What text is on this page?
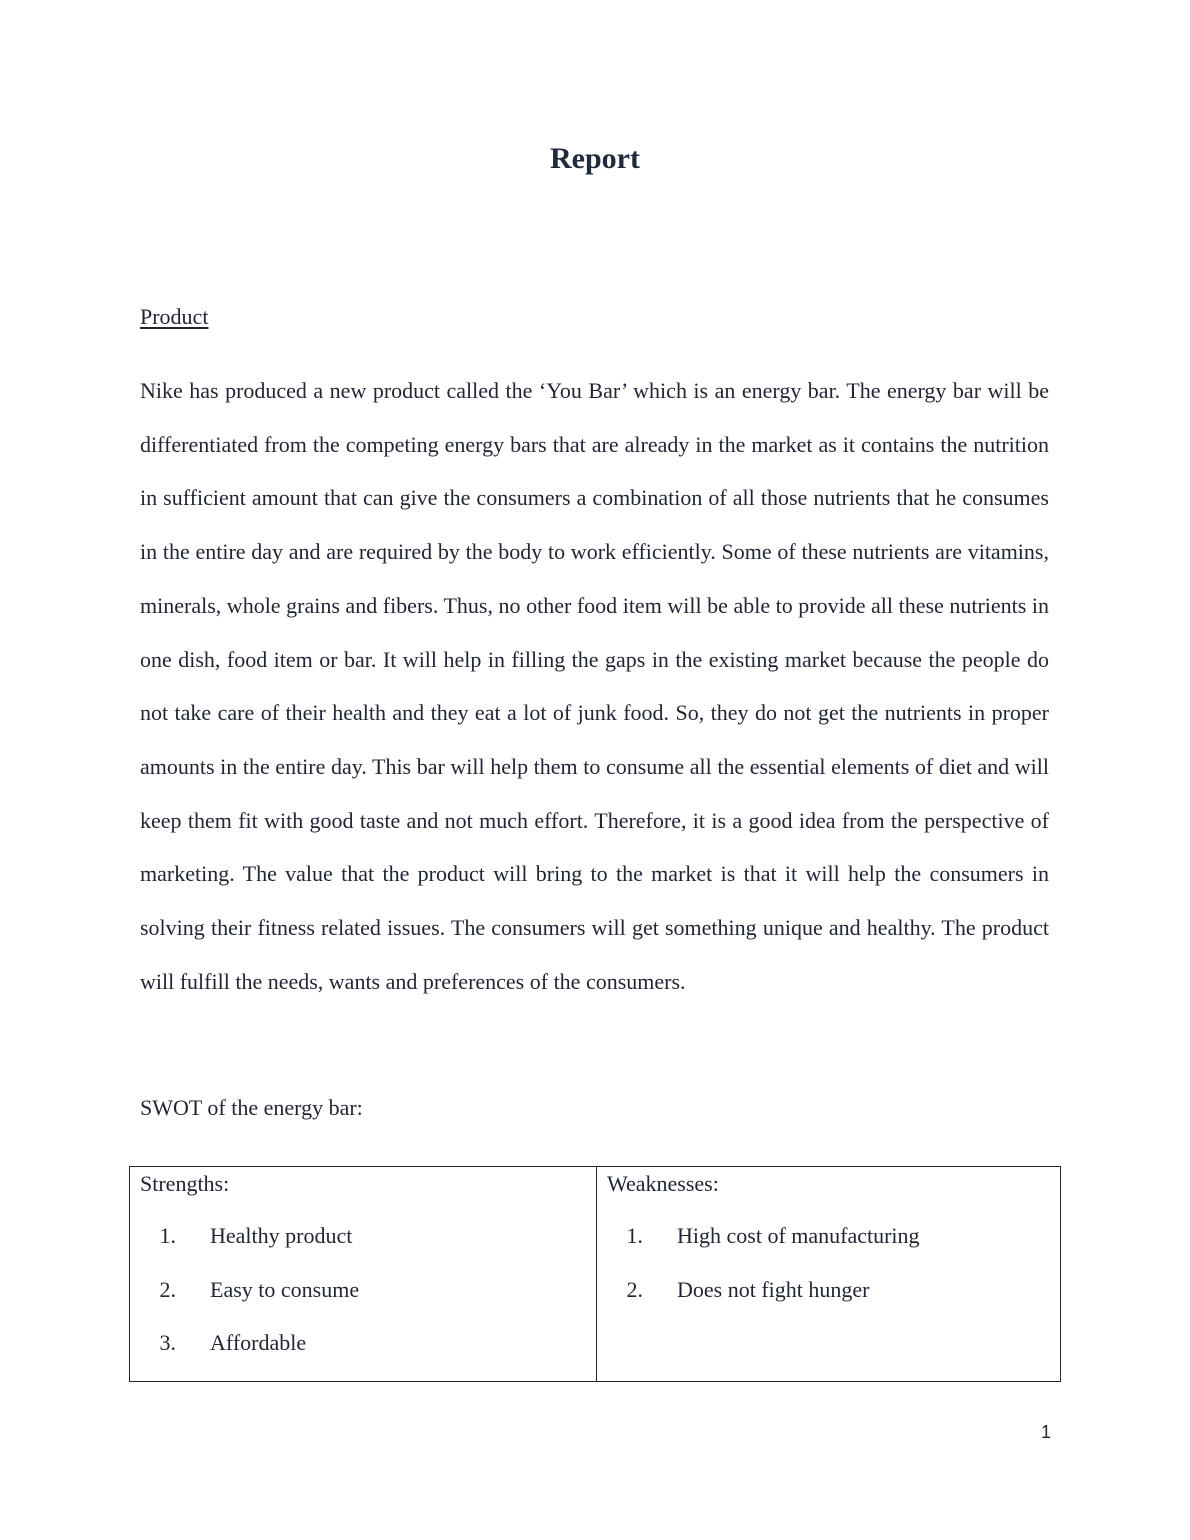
Report
Product

Nike has produced a new product called the ‘You Bar’ which is an energy bar. The energy bar will be differentiated from the competing energy bars that are already in the market as it contains the nutrition in sufficient amount that can give the consumers a combination of all those nutrients that he consumes in the entire day and are required by the body to work efficiently. Some of these nutrients are vitamins, minerals, whole grains and fibers. Thus, no other food item will be able to provide all these nutrients in one dish, food item or bar. It will help in filling the gaps in the existing market because the people do not take care of their health and they eat a lot of junk food. So, they do not get the nutrients in proper amounts in the entire day. This bar will help them to consume all the essential elements of diet and will keep them fit with good taste and not much effort. Therefore, it is a good idea from the perspective of marketing. The value that the product will bring to the market is that it will help the consumers in solving their fitness related issues. The consumers will get something unique and healthy. The product will fulfill the needs, wants and preferences of the consumers.

SWOT of the energy bar:
Strengths:
1. Healthy product
2. Easy to consume
3. Affordable

Weaknesses:
1. High cost of manufacturing
2. Does not fight hunger
1
